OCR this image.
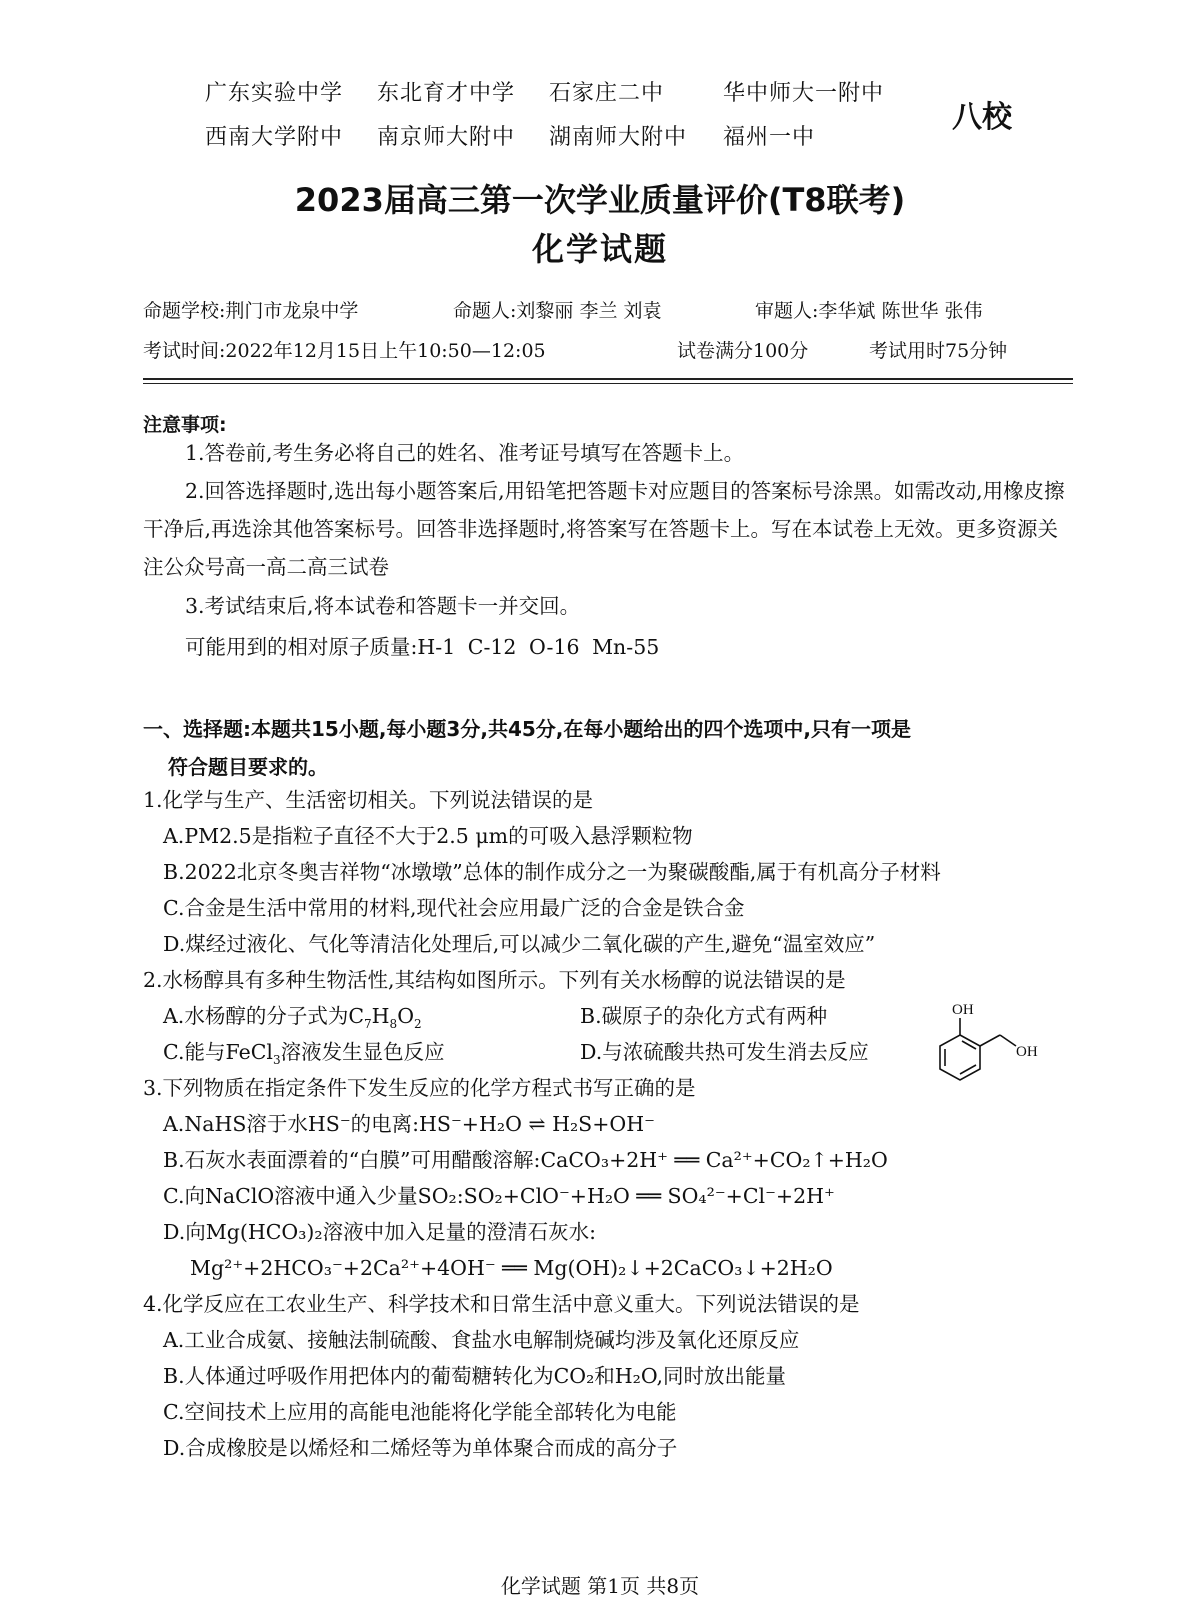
广东实验中学 东北育才中学 石家庄二中	华中师大一附中
西南大学附中 南京师大附中 湖南师大附中 福州一中
八校
2023届高三第一次学业质量评价(T8联考)
化学试题
命题学校:荆门市龙泉中学	命题人:刘黎丽 李兰 刘袁	审题人:李华斌 陈世华 张伟
考试时间:2022年12月15日上午10:50—12:05	试卷满分100分	考试用时75分钟
注意事项:
1.答卷前,考生务必将自己的姓名、准考证号填写在答题卡上。
2.回答选择题时,选出每小题答案后,用铅笔把答题卡对应题目的答案标号涂黑。如需改动,用橡皮擦干净后,再选涂其他答案标号。回答非选择题时,将答案写在答题卡上。写在本试卷上无效。更多资源关注公众号高一高二高三试卷
3.考试结束后,将本试卷和答题卡一并交回。
可能用到的相对原子质量:H-1 C-12 O-16 Mn-55
一、选择题:本题共15小题,每小题3分,共45分,在每小题给出的四个选项中,只有一项是
符合题目要求的。
1.化学与生产、生活密切相关。下列说法错误的是
A.PM2.5是指粒子直径不大于2.5 μm的可吸入悬浮颗粒物
B.2022北京冬奥吉祥物“冰墩墩”总体的制作成分之一为聚碳酸酯,属于有机高分子材料
C.合金是生活中常用的材料,现代社会应用最广泛的合金是铁合金
D.煤经过液化、气化等清洁化处理后,可以减少二氧化碳的产生,避免“温室效应”
2.水杨醇具有多种生物活性,其结构如图所示。下列有关水杨醇的说法错误的是
A.水杨醇的分子式为$C_7H_8O_2$	B.碳原子的杂化方式有两种
C.能与FeCl$_3$溶液发生显色反应	D.与浓硫酸共热可发生消去反应
OH
OH
3.下列物质在指定条件下发生反应的化学方程式书写正确的是
A.NaHS溶于水HS⁻的电离:HS⁻+H₂O ⇌ H₂S+OH⁻
B.石灰水表面漂着的“白膜”可用醋酸溶解:CaCO₃+2H⁺ ══ Ca²⁺+CO₂↑+H₂O
C.向NaClO溶液中通入少量SO₂:SO₂+ClO⁻+H₂O ══ SO₄²⁻+Cl⁻+2H⁺
D.向Mg(HCO₃)₂溶液中加入足量的澄清石灰水:
Mg²⁺+2HCO₃⁻+2Ca²⁺+4OH⁻ ══ Mg(OH)₂↓+2CaCO₃↓+2H₂O
4.化学反应在工农业生产、科学技术和日常生活中意义重大。下列说法错误的是
A.工业合成氨、接触法制硫酸、食盐水电解制烧碱均涉及氧化还原反应
B.人体通过呼吸作用把体内的葡萄糖转化为CO₂和H₂O,同时放出能量
C.空间技术上应用的高能电池能将化学能全部转化为电能
D.合成橡胶是以烯烃和二烯烃等为单体聚合而成的高分子
化学试题 第1页 共8页
